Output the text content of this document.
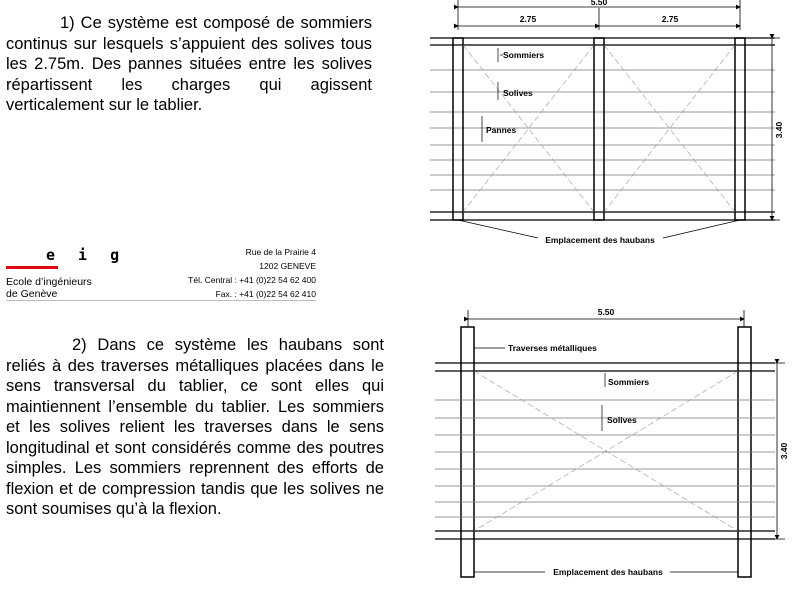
1) Ce système est composé de sommiers continus sur lesquels s’appuient des solives tous les 2.75m. Des pannes situées entre les solives répartissent les charges qui agissent verticalement sur le tablier.

e i g
Ecole d’ingénieurs
de Genève
Rue de la Prairie 4
1202 GENEVE
Tél. Central : +41 (0)22 54 62 400
Fax. : +41 (0)22 54 62 410

2) Dans ce système les haubans sont reliés à des traverses métalliques placées dans le sens transversal du tablier, ce sont elles qui maintiennent l’ensemble du tablier. Les sommiers et les solives relient les traverses dans le sens longitudinal et sont considérés comme des poutres simples. Les sommiers reprennent des efforts de flexion et de compression tandis que les solives ne sont soumises qu’à la flexion.

5.50
2.75	2.75
3.40
Sommiers
Solives
Pannes
Emplacement des haubans
5.50
3.40
Traverses métalliques
Sommiers
Solives
Emplacement des haubans
